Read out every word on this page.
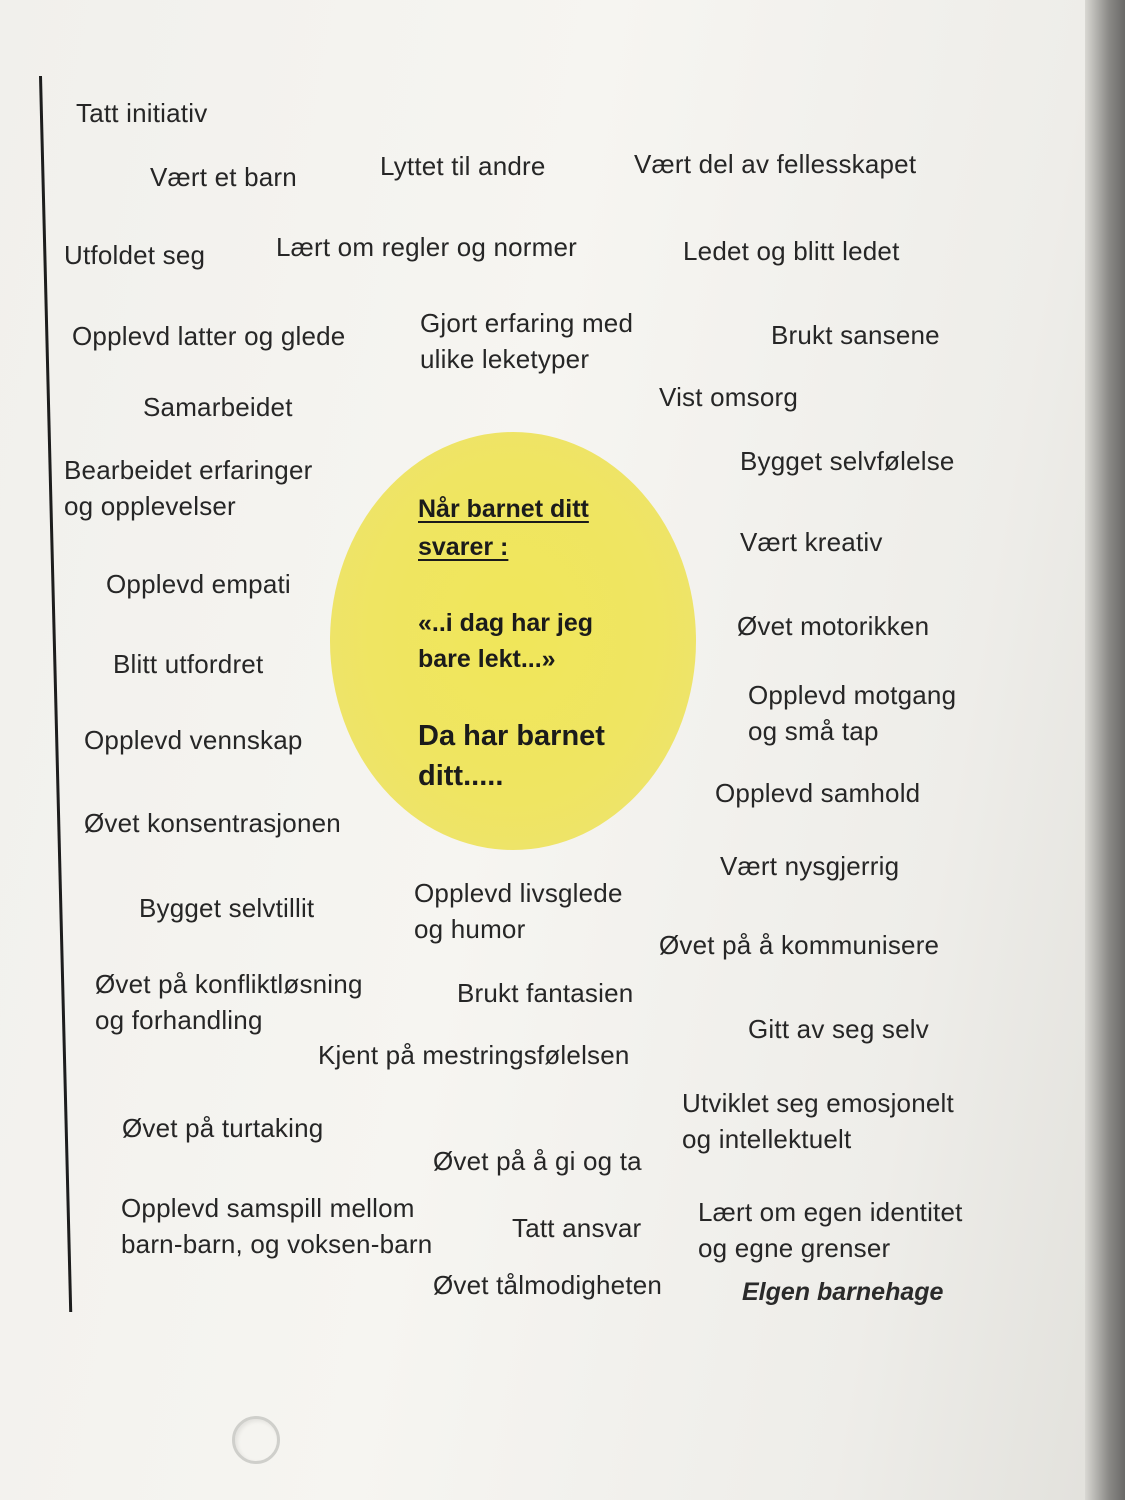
Tatt initiativ
Vært et barn	Lyttet til andre	Vært del av fellesskapet
Utfoldet seg	Lært om regler og normer	Ledet og blitt ledet
Opplevd latter og glede	Gjort erfaring med
ulike leketyper
Brukt sansene
Samarbeidet	Vist omsorg
Bearbeidet erfaringer
og opplevelser
Bygget selvfølelse
Vært kreativ
Opplevd empati
Øvet motorikken
Blitt utfordret
Opplevd motgang
og små tap
Opplevd vennskap
Opplevd samhold
Øvet konsentrasjonen
Vært nysgjerrig
Bygget selvtillit	Opplevd livsglede
og humor
Øvet på å kommunisere
Øvet på konfliktløsning
og forhandling
Brukt fantasien
Gitt av seg selv
Kjent på mestringsfølelsen
Utviklet seg emosjonelt
og intellektuelt
Øvet på turtaking
Øvet på å gi og ta
Opplevd samspill mellom
barn-barn, og voksen-barn
Tatt ansvar
Lært om egen identitet
og egne grenser
Øvet tålmodigheten
Når barnet ditt
svarer :
«..i dag har jeg
bare lekt...»
Da har barnet
ditt.....
Elgen barnehage
